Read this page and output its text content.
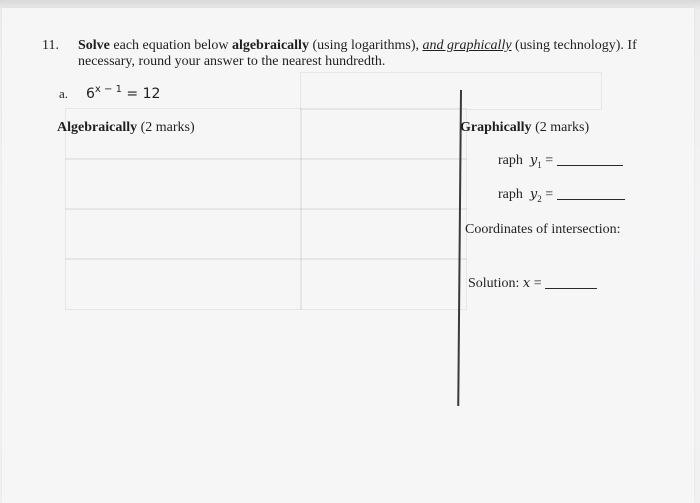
11. Solve each equation below algebraically (using logarithms), and graphically (using technology). If necessary, round your answer to the nearest hundredth.
a. $6^{x - 1} = 12$
Algebraically (2 marks)	Graphically (2 marks)
raph $y_1$ =
raph $y_2$ =
Coordinates of intersection:
Solution: x =
